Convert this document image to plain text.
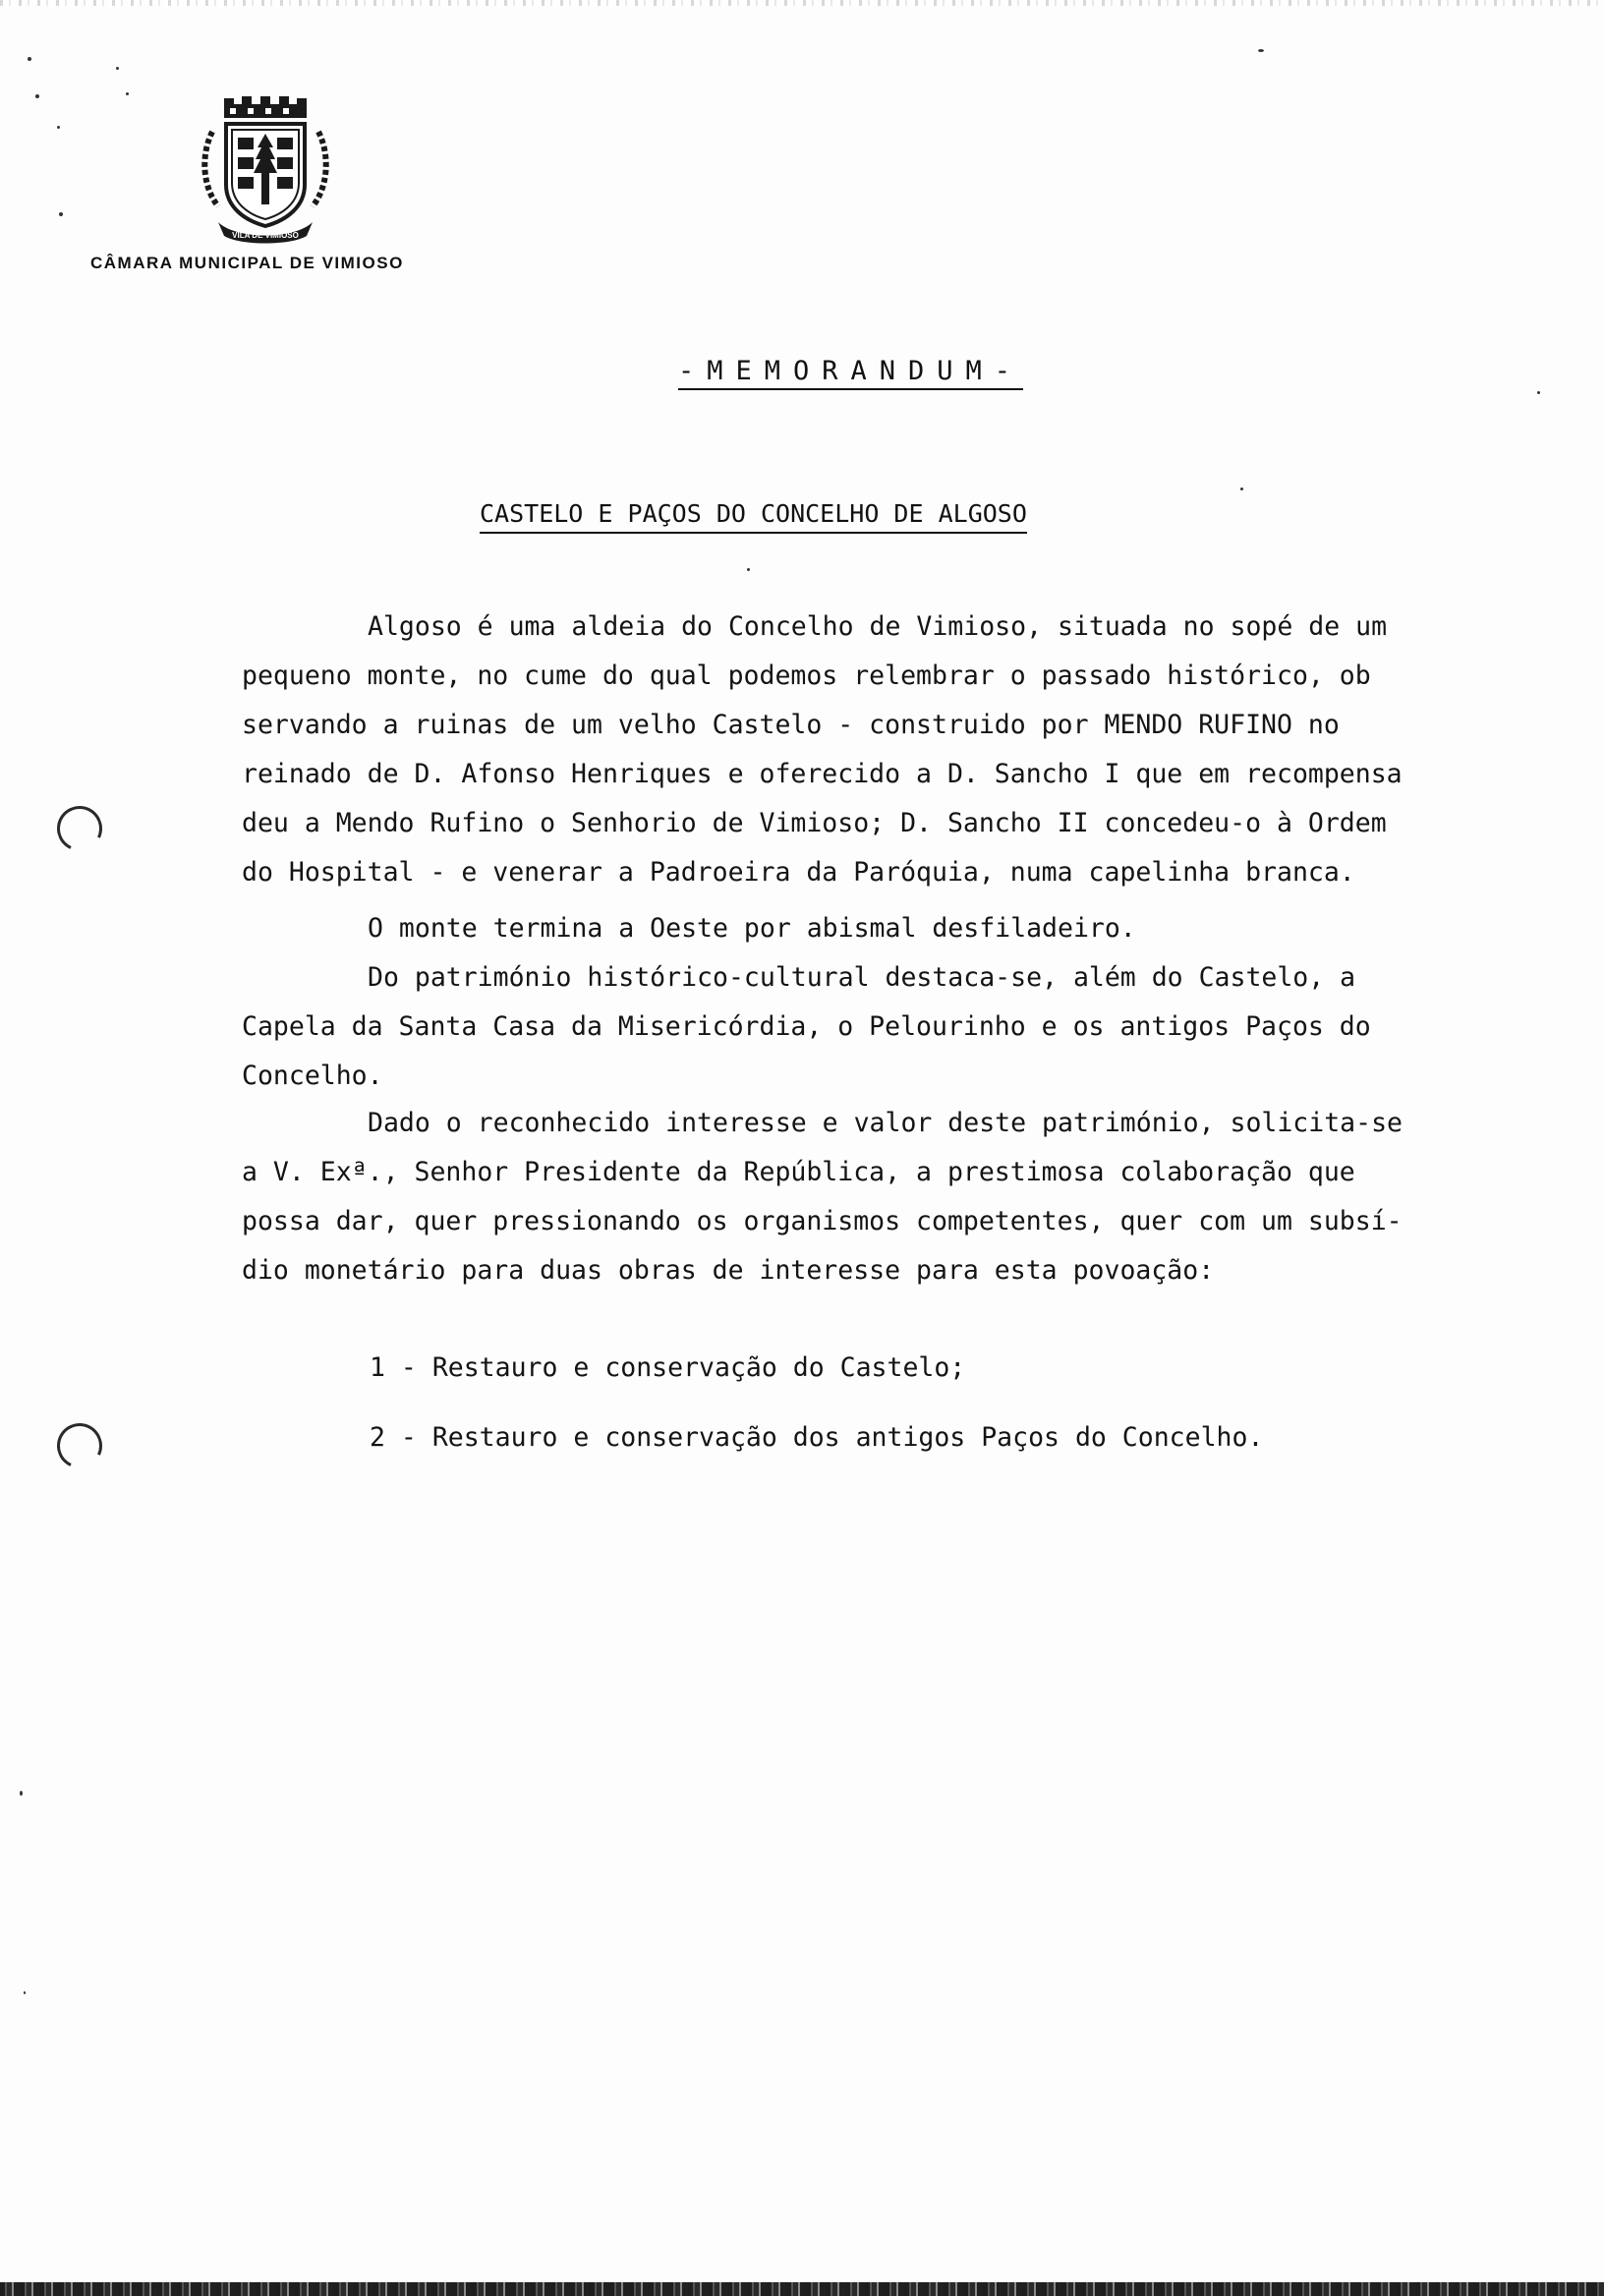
VILA DE VIMIOSO
CÂMARA MUNICIPAL DE VIMIOSO
-MEMORANDUM-
CASTELO E PAÇOS DO CONCELHO DE ALGOSO
Algoso é uma aldeia do Concelho de Vimioso, situada no sopé de um
pequeno monte, no cume do qual podemos relembrar o passado histórico, ob
servando a ruinas de um velho Castelo - construido por MENDO RUFINO no
reinado de D. Afonso Henriques e oferecido a D. Sancho I que em recompensa
deu a Mendo Rufino o Senhorio de Vimioso; D. Sancho II concedeu-o à Ordem
do Hospital - e venerar a Padroeira da Paróquia, numa capelinha branca.
O monte termina a Oeste por abismal desfiladeiro.
Do património histórico-cultural destaca-se, além do Castelo, a
Capela da Santa Casa da Misericórdia, o Pelourinho e os antigos Paços do
Concelho.
Dado o reconhecido interesse e valor deste património, solicita-se
a V. Exª., Senhor Presidente da República, a prestimosa colaboração que
possa dar, quer pressionando os organismos competentes, quer com um subsí-
dio monetário para duas obras de interesse para esta povoação:
1 - Restauro e conservação do Castelo;
2 - Restauro e conservação dos antigos Paços do Concelho.
